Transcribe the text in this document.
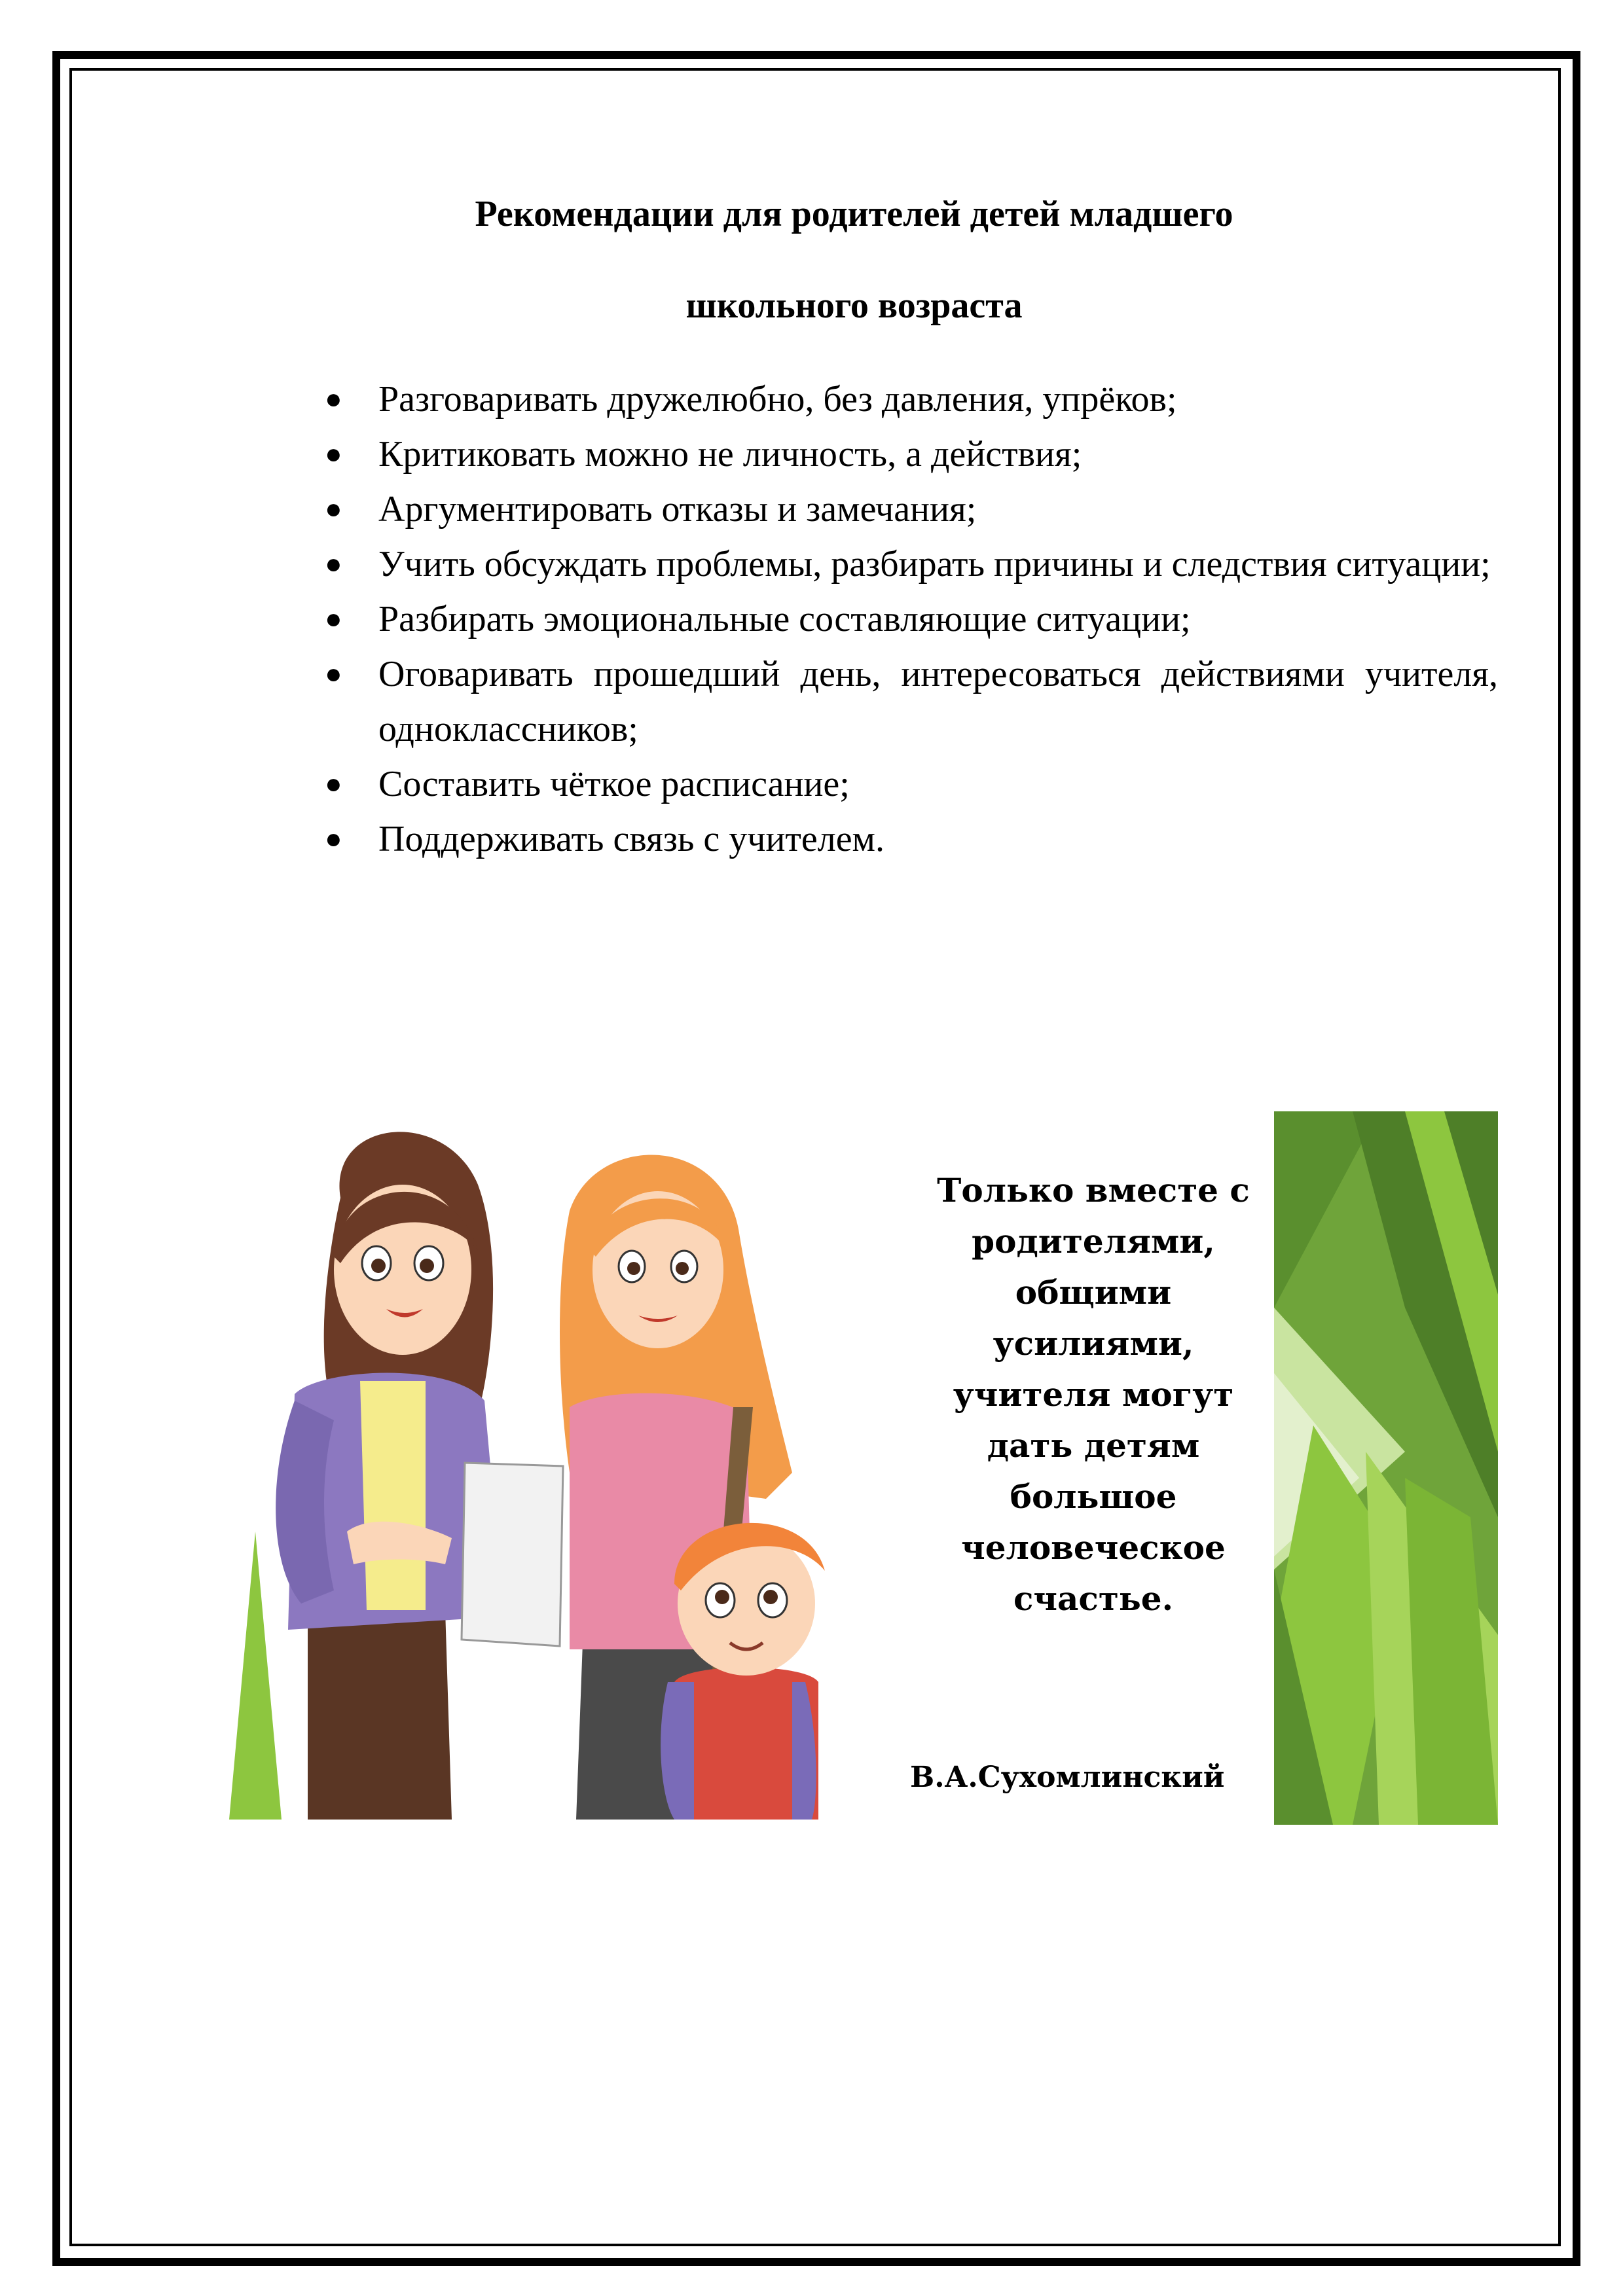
Рекомендации для родителей детей младшего
школьного возраста
● Разговаривать дружелюбно, без давления, упрёков;
● Критиковать можно не личность, а действия;
● Аргументировать отказы и замечания;
● Учить обсуждать проблемы, разбирать причины и следствия ситуации;
● Разбирать эмоциональные составляющие ситуации;
● Оговаривать прошедший день, интересоваться действиями учителя, одноклассников;
● Составить чёткое расписание;
● Поддерживать связь с учителем.
Только вместе с
родителями,
общими
усилиями,
учителя могут
дать детям
большое
человеческое
счастье.
В.А.Сухомлинский
